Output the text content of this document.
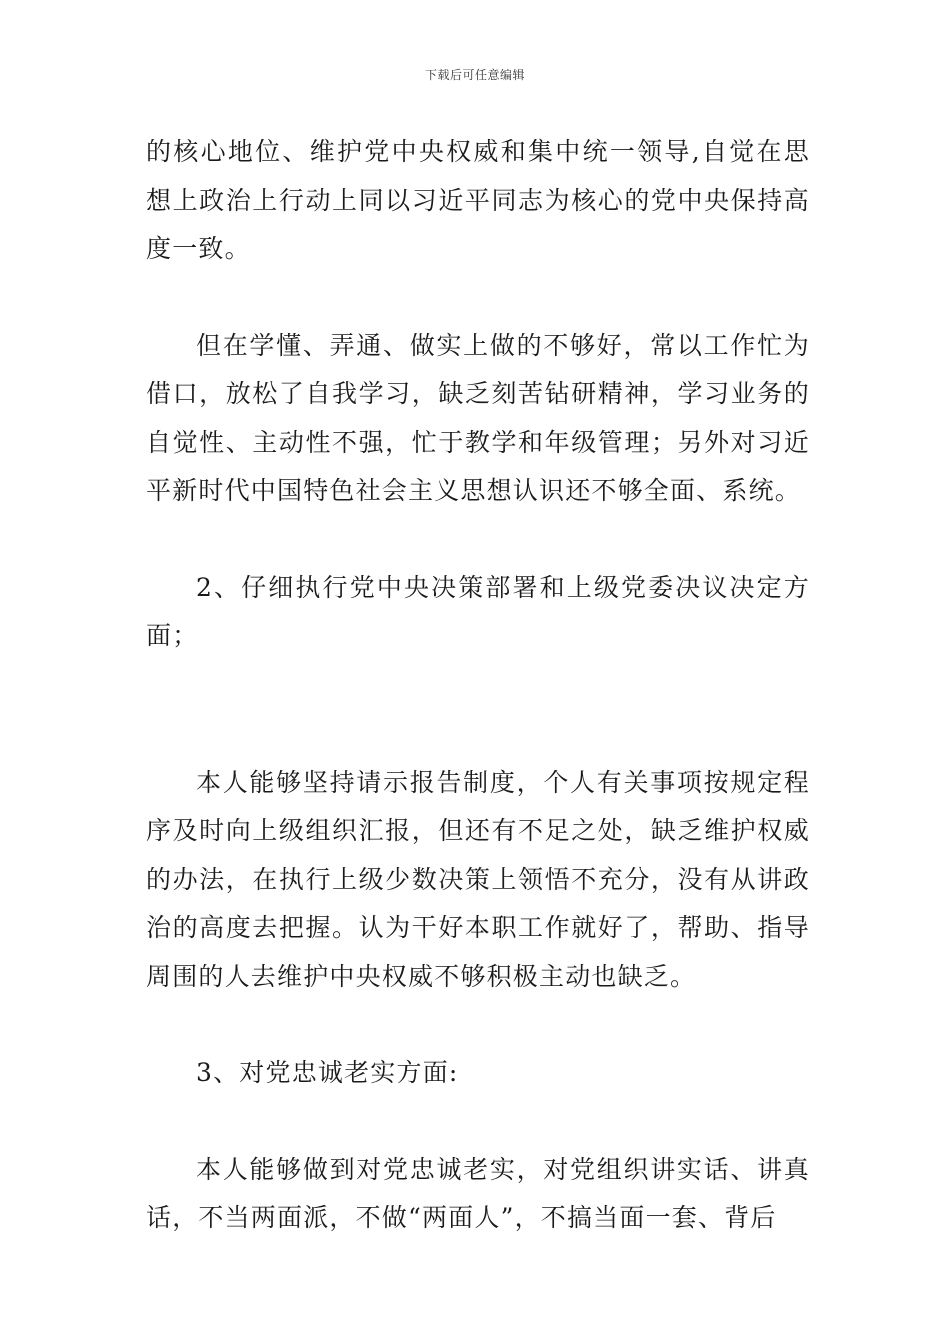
下载后可任意编辑

的核心地位、维护党中央权威和集中统一领导,自觉在思想上政治上行动上同以习近平同志为核心的党中央保持高度一致。

但在学懂、弄通、做实上做的不够好，常以工作忙为借口，放松了自我学习，缺乏刻苦钻研精神，学习业务的自觉性、主动性不强，忙于教学和年级管理；另外对习近平新时代中国特色社会主义思想认识还不够全面、系统。

2、仔细执行党中央决策部署和上级党委决议决定方面；

本人能够坚持请示报告制度，个人有关事项按规定程序及时向上级组织汇报，但还有不足之处，缺乏维护权威的办法，在执行上级少数决策上领悟不充分，没有从讲政治的高度去把握。认为干好本职工作就好了，帮助、指导周围的人去维护中央权威不够积极主动也缺乏。

3、对党忠诚老实方面:

本人能够做到对党忠诚老实，对党组织讲实话、讲真话，不当两面派，不做“两面人”，不搞当面一套、背后
